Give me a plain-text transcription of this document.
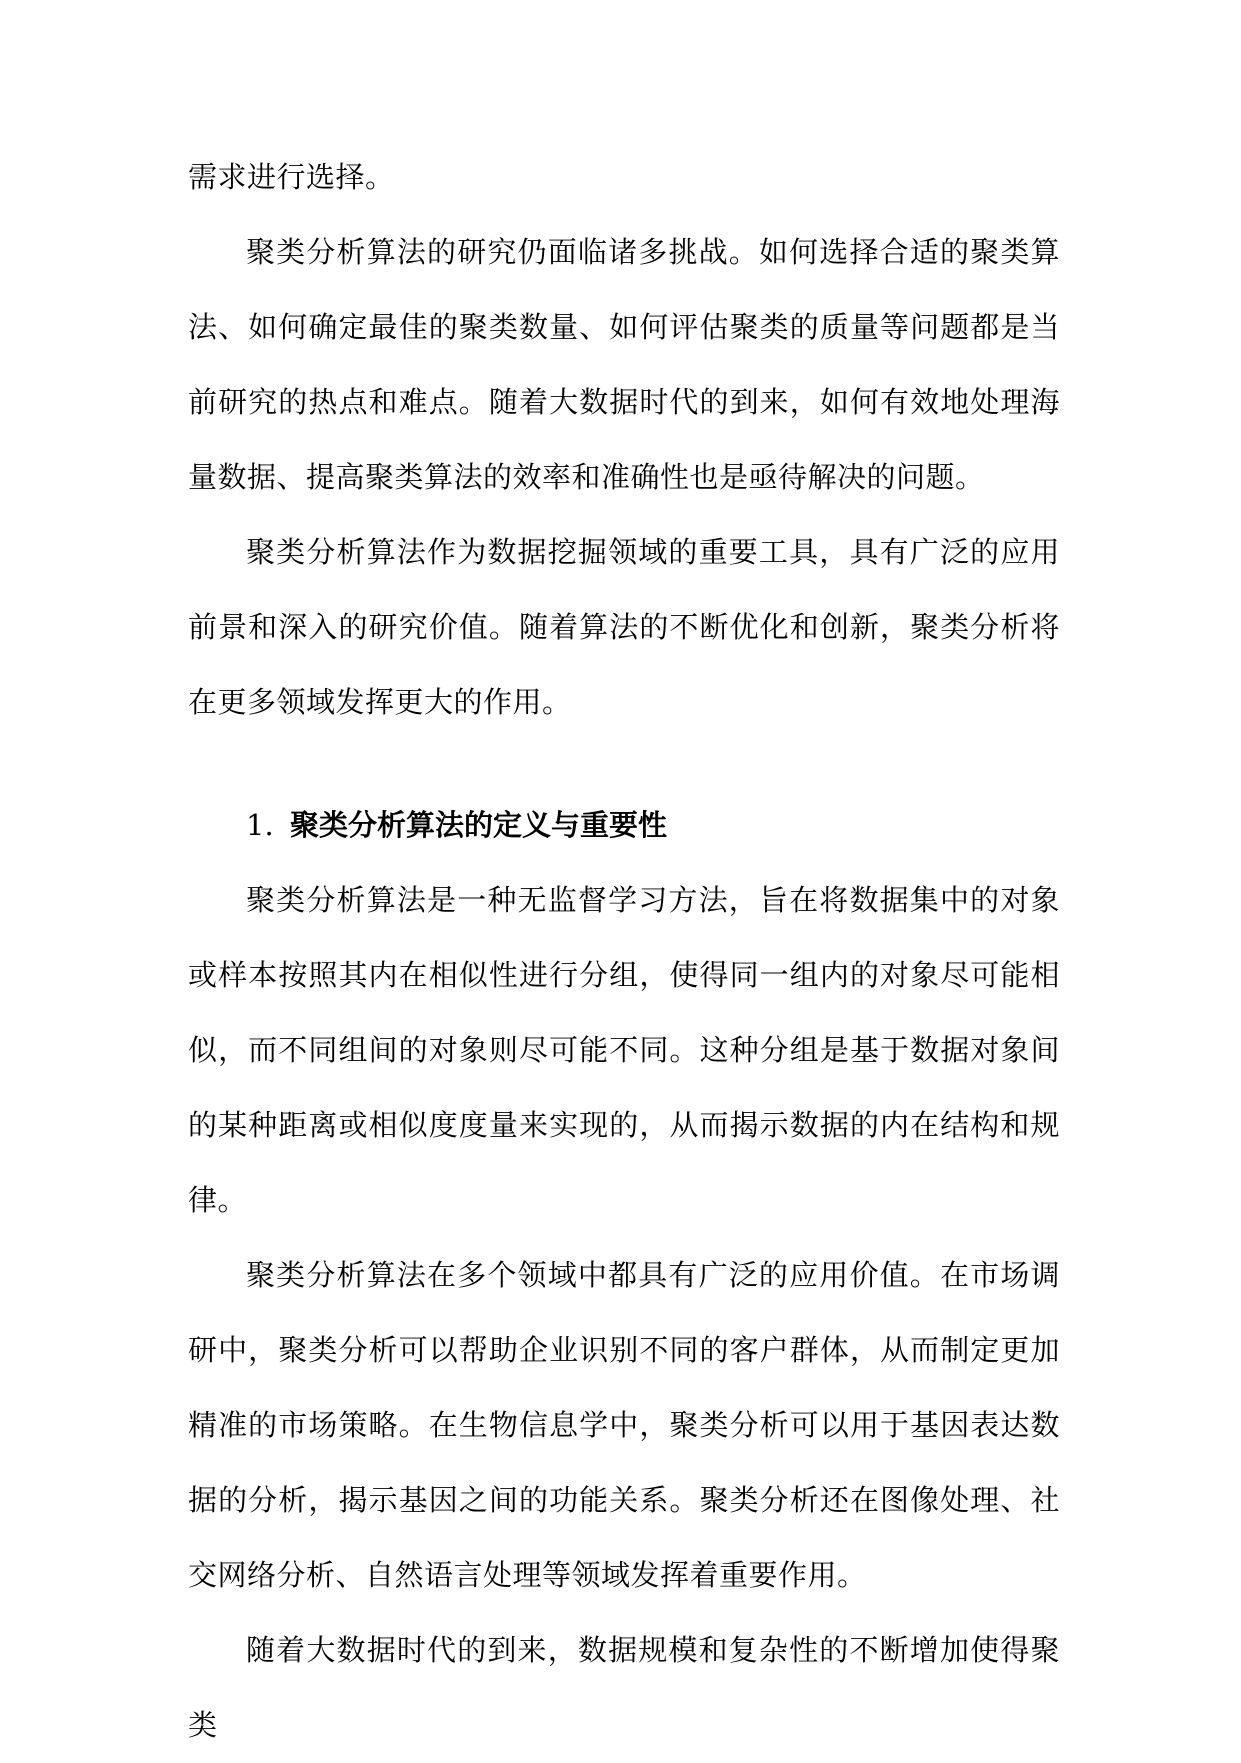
需求进行选择。

聚类分析算法的研究仍面临诸多挑战。如何选择合适的聚类算法、如何确定最佳的聚类数量、如何评估聚类的质量等问题都是当前研究的热点和难点。随着大数据时代的到来，如何有效地处理海量数据、提高聚类算法的效率和准确性也是亟待解决的问题。

聚类分析算法作为数据挖掘领域的重要工具，具有广泛的应用前景和深入的研究价值。随着算法的不断优化和创新，聚类分析将在更多领域发挥更大的作用。

1. 聚类分析算法的定义与重要性

聚类分析算法是一种无监督学习方法，旨在将数据集中的对象或样本按照其内在相似性进行分组，使得同一组内的对象尽可能相似，而不同组间的对象则尽可能不同。这种分组是基于数据对象间的某种距离或相似度度量来实现的，从而揭示数据的内在结构和规律。

聚类分析算法在多个领域中都具有广泛的应用价值。在市场调研中，聚类分析可以帮助企业识别不同的客户群体，从而制定更加精准的市场策略。在生物信息学中，聚类分析可以用于基因表达数据的分析，揭示基因之间的功能关系。聚类分析还在图像处理、社交网络分析、自然语言处理等领域发挥着重要作用。

随着大数据时代的到来，数据规模和复杂性的不断增加使得聚类
